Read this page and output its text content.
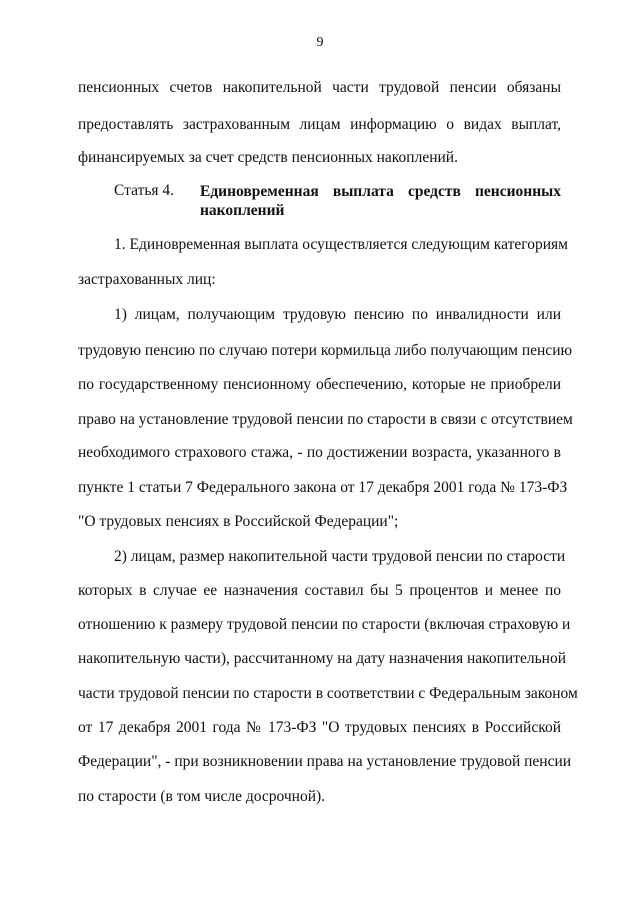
9
пенсионных счетов накопительной части трудовой пенсии обязаны
предоставлять застрахованным лицам информацию о видах выплат,
финансируемых за счет средств пенсионных накоплений.
Статья 4. Единовременная выплата средств пенсионных
накоплений
1. Единовременная выплата осуществляется следующим категориям
застрахованных лиц:
1) лицам, получающим трудовую пенсию по инвалидности или
трудовую пенсию по случаю потери кормильца либо получающим пенсию
по государственному пенсионному обеспечению, которые не приобрели
право на установление трудовой пенсии по старости в связи с отсутствием
необходимого страхового стажа, - по достижении возраста, указанного в
пункте 1 статьи 7 Федерального закона от 17 декабря 2001 года № 173-ФЗ
"О трудовых пенсиях в Российской Федерации";
2) лицам, размер накопительной части трудовой пенсии по старости
которых в случае ее назначения составил бы 5 процентов и менее по
отношению к размеру трудовой пенсии по старости (включая страховую и
накопительную части), рассчитанному на дату назначения накопительной
части трудовой пенсии по старости в соответствии с Федеральным законом
от 17 декабря 2001 года № 173-ФЗ "О трудовых пенсиях в Российской
Федерации", - при возникновении права на установление трудовой пенсии
по старости (в том числе досрочной).
